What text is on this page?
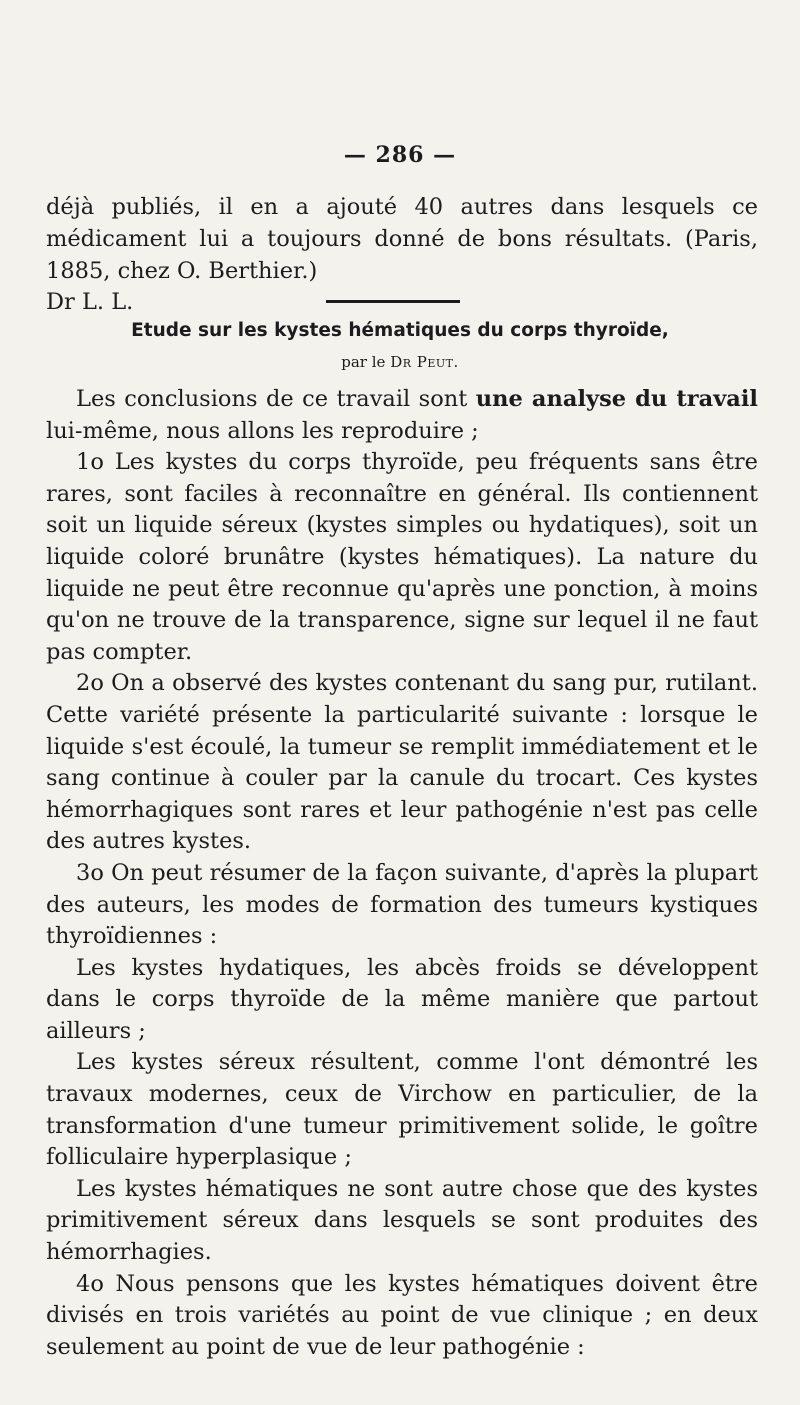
— 286 —

déjà publiés, il en a ajouté 40 autres dans lesquels ce médicament lui a toujours donné de bons résultats. (Paris, 1885, chez O. Berthier.)

Dr L. L.
Etude sur les kystes hématiques du corps thyroïde,
par le Dr Peut.

Les conclusions de ce travail sont une analyse du travail lui-même, nous allons les reproduire ;

1o Les kystes du corps thyroïde, peu fréquents sans être rares, sont faciles à reconnaître en général. Ils contiennent soit un liquide séreux (kystes simples ou hydatiques), soit un liquide coloré brunâtre (kystes hématiques). La nature du liquide ne peut être reconnue qu'après une ponction, à moins qu'on ne trouve de la transparence, signe sur lequel il ne faut pas compter.

2o On a observé des kystes contenant du sang pur, rutilant. Cette variété présente la particularité suivante : lorsque le liquide s'est écoulé, la tumeur se remplit immédiatement et le sang continue à couler par la canule du trocart. Ces kystes hémorrhagiques sont rares et leur pathogénie n'est pas celle des autres kystes.

3o On peut résumer de la façon suivante, d'après la plupart des auteurs, les modes de formation des tumeurs kystiques thyroïdiennes :

Les kystes hydatiques, les abcès froids se développent dans le corps thyroïde de la même manière que partout ailleurs ;

Les kystes séreux résultent, comme l'ont démontré les travaux modernes, ceux de Virchow en particulier, de la transformation d'une tumeur primitivement solide, le goître folliculaire hyperplasique ;

Les kystes hématiques ne sont autre chose que des kystes primitivement séreux dans lesquels se sont produites des hémorrhagies.

4o Nous pensons que les kystes hématiques doivent être divisés en trois variétés au point de vue clinique ; en deux seulement au point de vue de leur pathogénie :
